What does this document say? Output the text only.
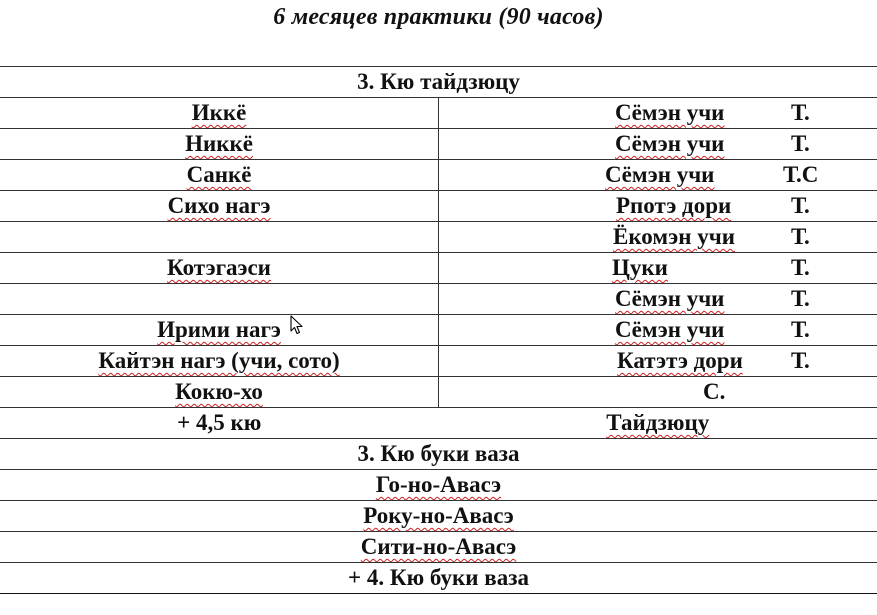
6 месяцев практики (90 часов)
3. Кю тайдзюцу	
Иккё	Сёмэн учи Т.

Никкё	Сёмэн учи Т.

Санкё	Сёмэн учи Т.С

Сихо нагэ	Рпотэ дори Т.

	Ёкомэн учи Т.

Котэгаэси	Цуки Т.

	Сёмэн учи Т.

Ирими нагэ	Сёмэн учи Т.

Кайтэн нагэ (учи, сото)	Катэтэ дори Т.

Кокю-хо	С.

+ 4,5 кю	Тайдзюцу
3. Кю буки ваза	
Го-но-Авасэ	
Року-но-Авасэ	
Сити-но-Авасэ	
+ 4. Кю буки ваза	
